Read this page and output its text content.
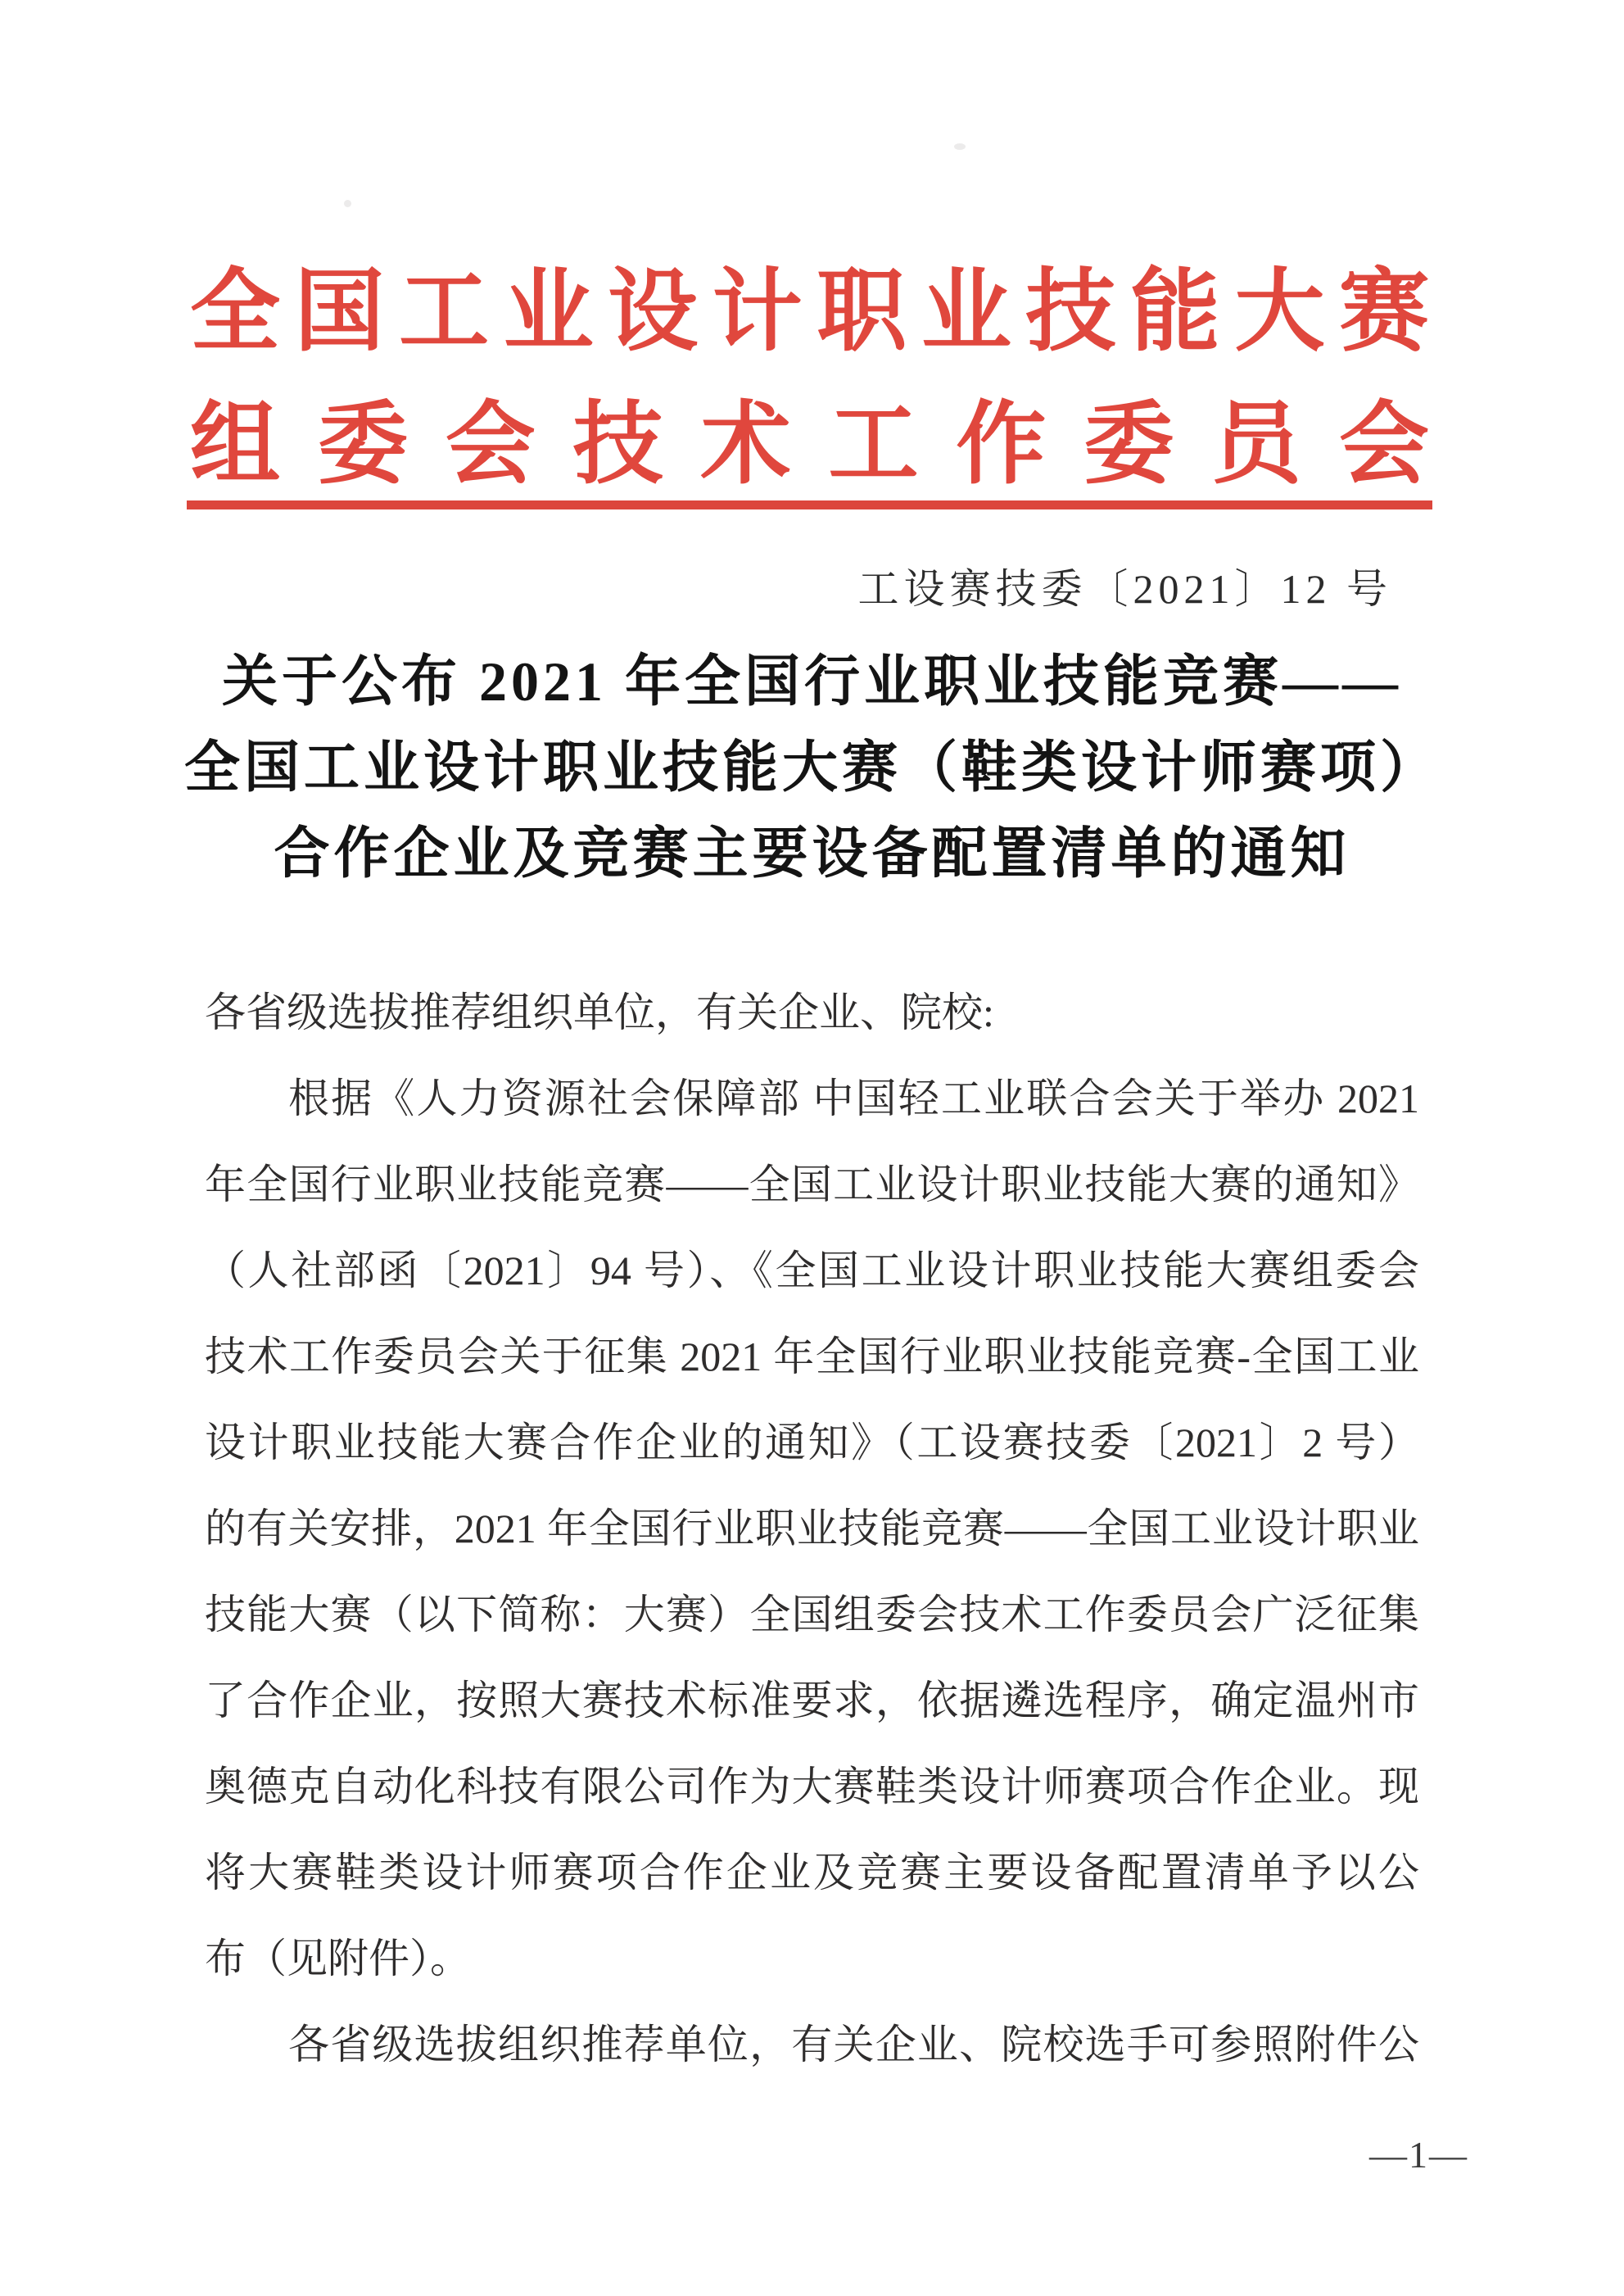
全国工业设计职业技能大赛
组委会技术工作委员会
工设赛技委〔2021〕12 号
关于公布 2021 年全国行业职业技能竞赛——
全国工业设计职业技能大赛（鞋类设计师赛项）
合作企业及竞赛主要设备配置清单的通知
各省级选拔推荐组织单位，有关企业、院校:
根据《人力资源社会保障部 中国轻工业联合会关于举办 2021
年全国行业职业技能竞赛——全国工业设计职业技能大赛的通知》
（人社部函〔2021〕94 号）、《全国工业设计职业技能大赛组委会
技术工作委员会关于征集 2021 年全国行业职业技能竞赛-全国工业
设计职业技能大赛合作企业的通知》（工设赛技委〔2021〕2 号）
的有关安排，2021 年全国行业职业技能竞赛——全国工业设计职业
技能大赛（以下简称：大赛）全国组委会技术工作委员会广泛征集
了合作企业，按照大赛技术标准要求，依据遴选程序，确定温州市
奥德克自动化科技有限公司作为大赛鞋类设计师赛项合作企业。现
将大赛鞋类设计师赛项合作企业及竞赛主要设备配置清单予以公
布（见附件）。
各省级选拔组织推荐单位，有关企业、院校选手可参照附件公
—1—
